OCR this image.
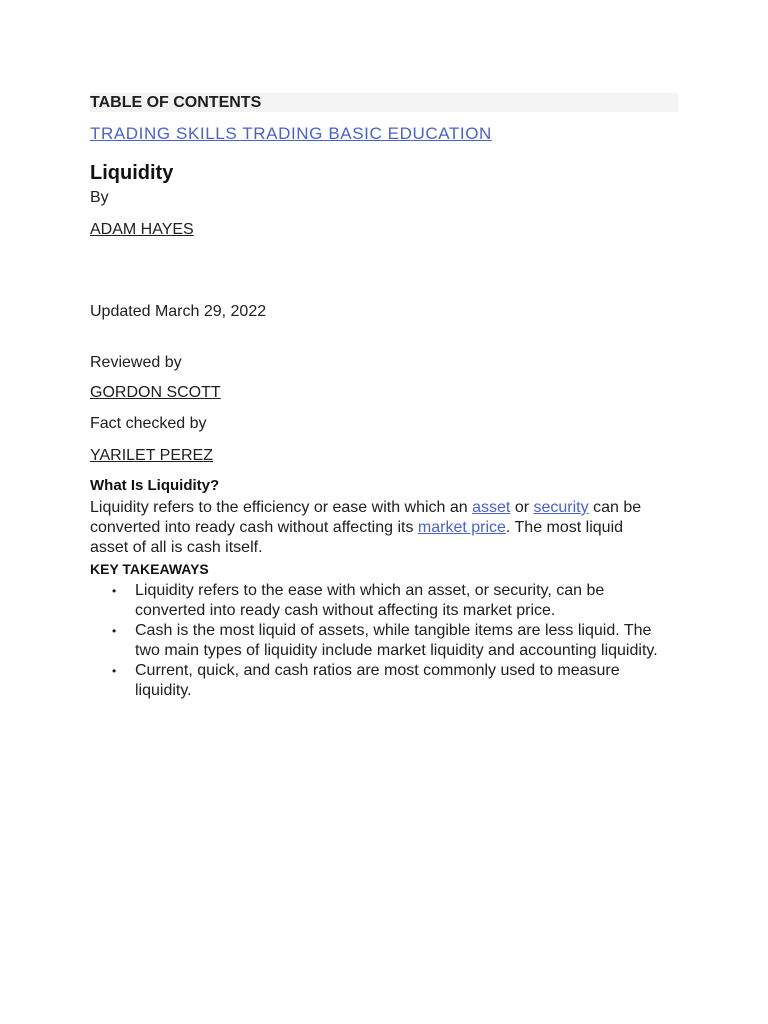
TABLE OF CONTENTS
TRADING SKILLS TRADING BASIC EDUCATION
Liquidity
By
ADAM HAYES
Updated March 29, 2022
Reviewed by
GORDON SCOTT
Fact checked by
YARILET PEREZ
What Is Liquidity?
Liquidity refers to the efficiency or ease with which an asset or security can be converted into ready cash without affecting its market price. The most liquid asset of all is cash itself.
KEY TAKEAWAYS
• Liquidity refers to the ease with which an asset, or security, can be converted into ready cash without affecting its market price.
• Cash is the most liquid of assets, while tangible items are less liquid. The two main types of liquidity include market liquidity and accounting liquidity.
• Current, quick, and cash ratios are most commonly used to measure liquidity.
